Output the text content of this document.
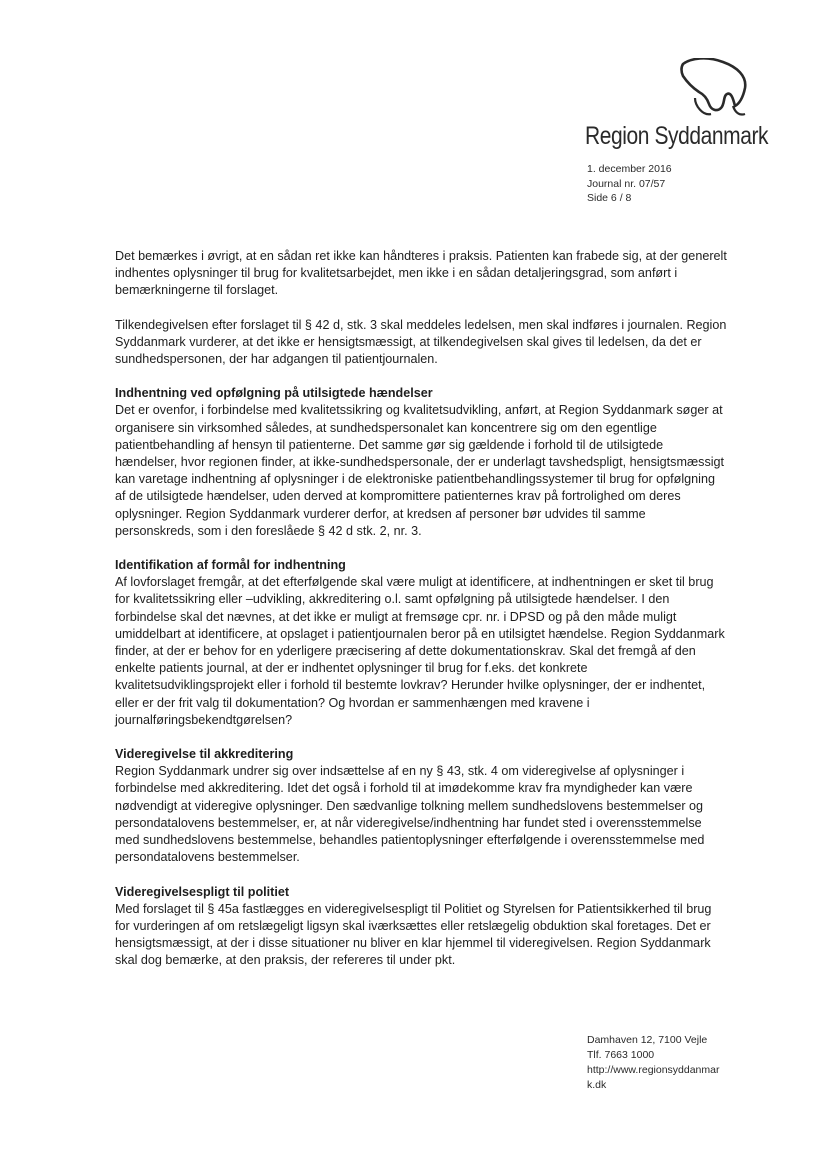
Region Syddanmark
1. december 2016
Journal nr. 07/57
Side 6 / 8

Det bemærkes i øvrigt, at en sådan ret ikke kan håndteres i praksis. Patienten kan frabede sig, at der generelt indhentes oplysninger til brug for kvalitetsarbejdet, men ikke i en sådan detaljeringsgrad, som anført i bemærkningerne til forslaget.

Tilkendegivelsen efter forslaget til § 42 d, stk. 3 skal meddeles ledelsen, men skal indføres i journalen. Region Syddanmark vurderer, at det ikke er hensigtsmæssigt, at tilkendegivelsen skal gives til ledelsen, da det er sundhedspersonen, der har adgangen til patientjournalen.

Indhentning ved opfølgning på utilsigtede hændelser

Det er ovenfor, i forbindelse med kvalitetssikring og kvalitetsudvikling, anført, at Region Syddanmark søger at organisere sin virksomhed således, at sundhedspersonalet kan koncentrere sig om den egentlige patientbehandling af hensyn til patienterne. Det samme gør sig gældende i forhold til de utilsigtede hændelser, hvor regionen finder, at ikke-sundhedspersonale, der er underlagt tavshedspligt, hensigtsmæssigt kan varetage indhentning af oplysninger i de elektroniske patientbehandlingssystemer til brug for opfølgning af de utilsigtede hændelser, uden derved at kompromittere patienternes krav på fortrolighed om deres oplysninger. Region Syddanmark vurderer derfor, at kredsen af personer bør udvides til samme personskreds, som i den foreslåede § 42 d stk. 2, nr. 3.

Identifikation af formål for indhentning

Af lovforslaget fremgår, at det efterfølgende skal være muligt at identificere, at indhentningen er sket til brug for kvalitetssikring eller –udvikling, akkreditering o.l. samt opfølgning på utilsigtede hændelser. I den forbindelse skal det nævnes, at det ikke er muligt at fremsøge cpr. nr. i DPSD og på den måde muligt umiddelbart at identificere, at opslaget i patientjournalen beror på en utilsigtet hændelse. Region Syddanmark finder, at der er behov for en yderligere præcisering af dette dokumentationskrav. Skal det fremgå af den enkelte patients journal, at der er indhentet oplysninger til brug for f.eks. det konkrete kvalitetsudviklingsprojekt eller i forhold til bestemte lovkrav? Herunder hvilke oplysninger, der er indhentet, eller er der frit valg til dokumentation? Og hvordan er sammenhængen med kravene i journalføringsbekendtgørelsen?

Videregivelse til akkreditering

Region Syddanmark undrer sig over indsættelse af en ny § 43, stk. 4 om videregivelse af oplysninger i forbindelse med akkreditering. Idet det også i forhold til at imødekomme krav fra myndigheder kan være nødvendigt at videregive oplysninger. Den sædvanlige tolkning mellem sundhedslovens bestemmelser og persondatalovens bestemmelser, er, at når videregivelse/indhentning har fundet sted i overensstemmelse med sundhedslovens bestemmelse, behandles patientoplysninger efterfølgende i overensstemmelse med persondatalovens bestemmelser.

Videregivelsespligt til politiet

Med forslaget til § 45a fastlægges en videregivelsespligt til Politiet og Styrelsen for Patientsikkerhed til brug for vurderingen af om retslægeligt ligsyn skal iværksættes eller retslægelig obduktion skal foretages. Det er hensigtsmæssigt, at der i disse situationer nu bliver en klar hjemmel til videregivelsen. Region Syddanmark skal dog bemærke, at den praksis, der refereres til under pkt.

Damhaven 12, 7100 Vejle
Tlf. 7663 1000
http://www.regionsyddanmark.dk
